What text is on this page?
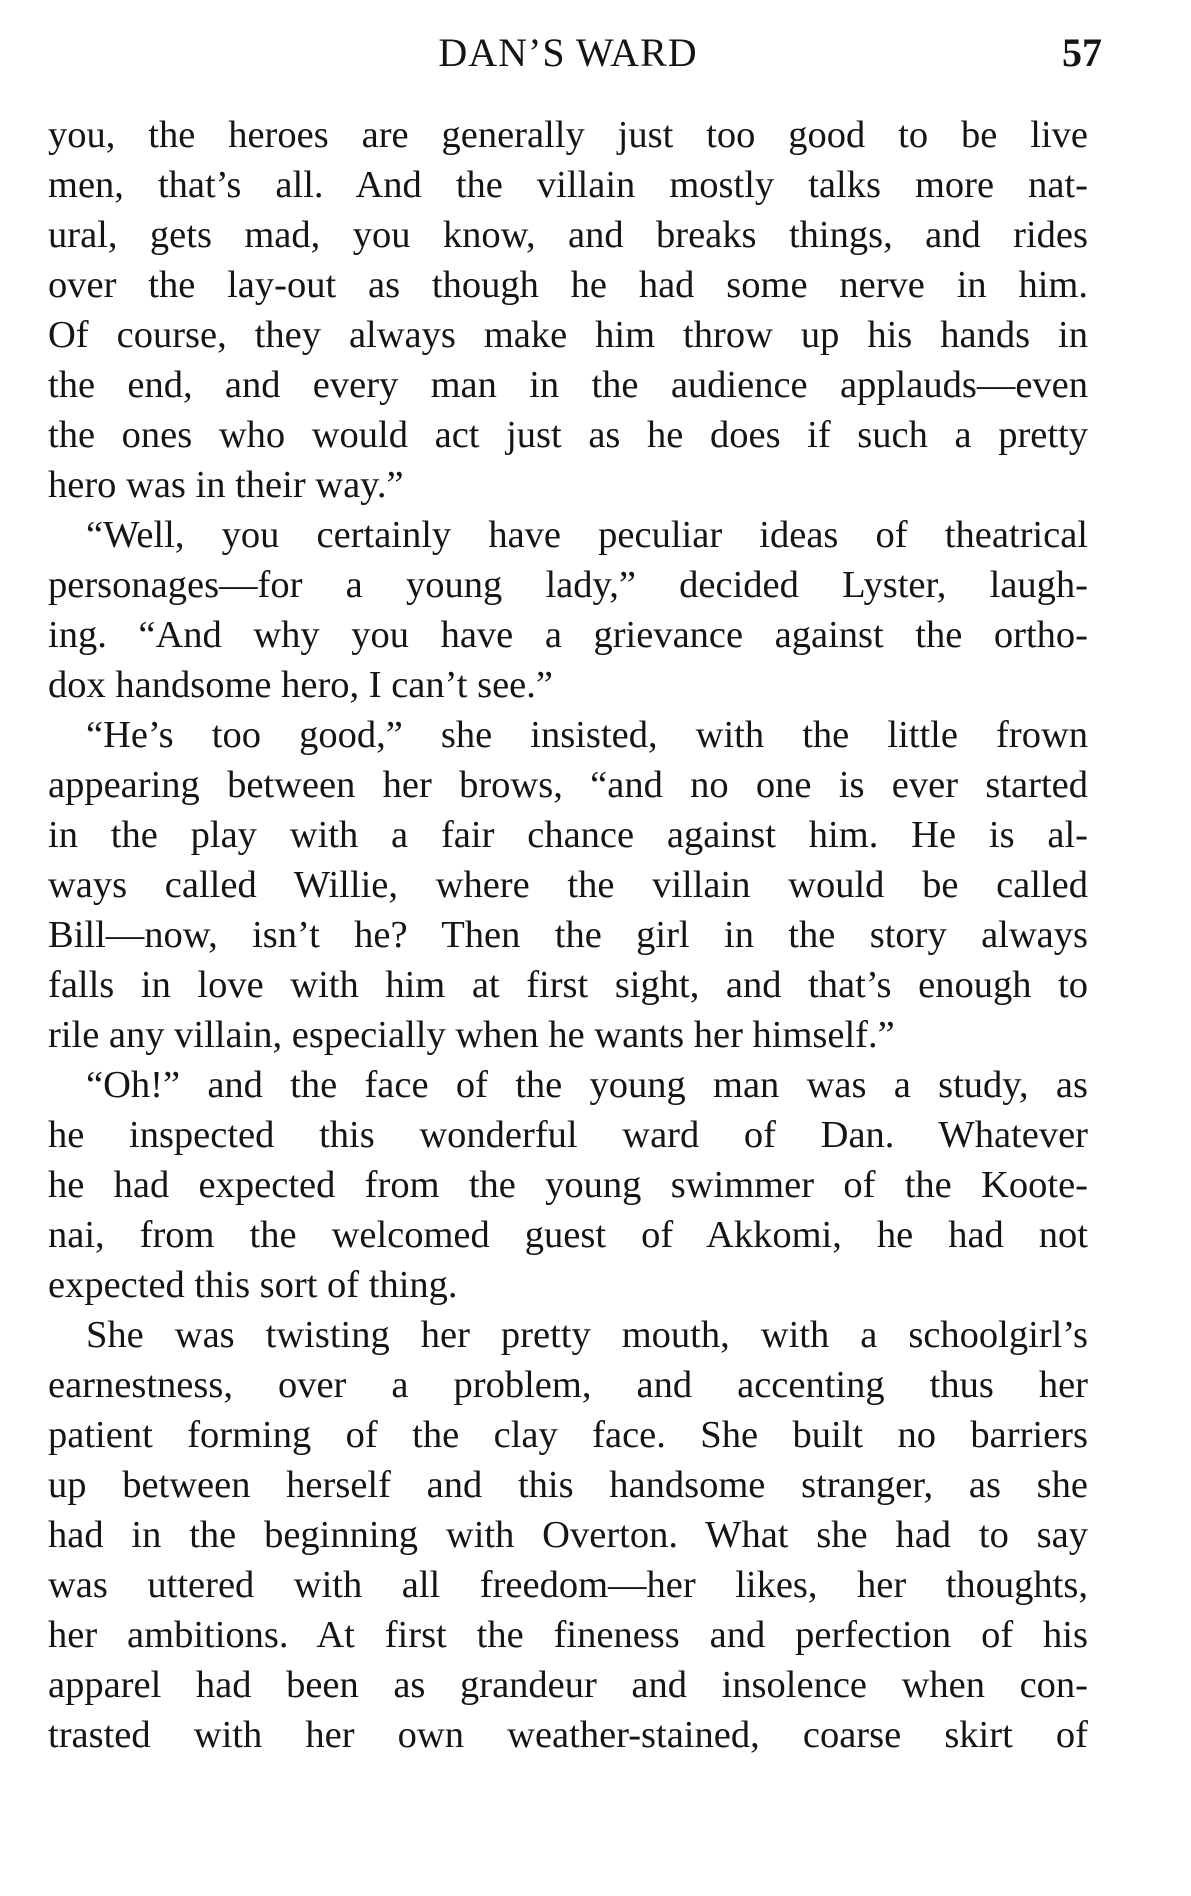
DAN’S WARD	57
you, the heroes are generally just too good to be live
men, that’s all. And the villain mostly talks more nat-
ural, gets mad, you know, and breaks things, and rides
over the lay-out as though he had some nerve in him.
Of course, they always make him throw up his hands in
the end, and every man in the audience applauds—even
the ones who would act just as he does if such a pretty
hero was in their way.”
“Well, you certainly have peculiar ideas of theatrical
personages—for a young lady,” decided Lyster, laugh-
ing. “And why you have a grievance against the ortho-
dox handsome hero, I can’t see.”
“He’s too good,” she insisted, with the little frown
appearing between her brows, “and no one is ever started
in the play with a fair chance against him. He is al-
ways called Willie, where the villain would be called
Bill—now, isn’t he? Then the girl in the story always
falls in love with him at first sight, and that’s enough to
rile any villain, especially when he wants her himself.”
“Oh!” and the face of the young man was a study, as
he inspected this wonderful ward of Dan. Whatever
he had expected from the young swimmer of the Koote-
nai, from the welcomed guest of Akkomi, he had not
expected this sort of thing.
She was twisting her pretty mouth, with a schoolgirl’s
earnestness, over a problem, and accenting thus her
patient forming of the clay face. She built no barriers
up between herself and this handsome stranger, as she
had in the beginning with Overton. What she had to say
was uttered with all freedom—her likes, her thoughts,
her ambitions. At first the fineness and perfection of his
apparel had been as grandeur and insolence when con-
trasted with her own weather-stained, coarse skirt of
